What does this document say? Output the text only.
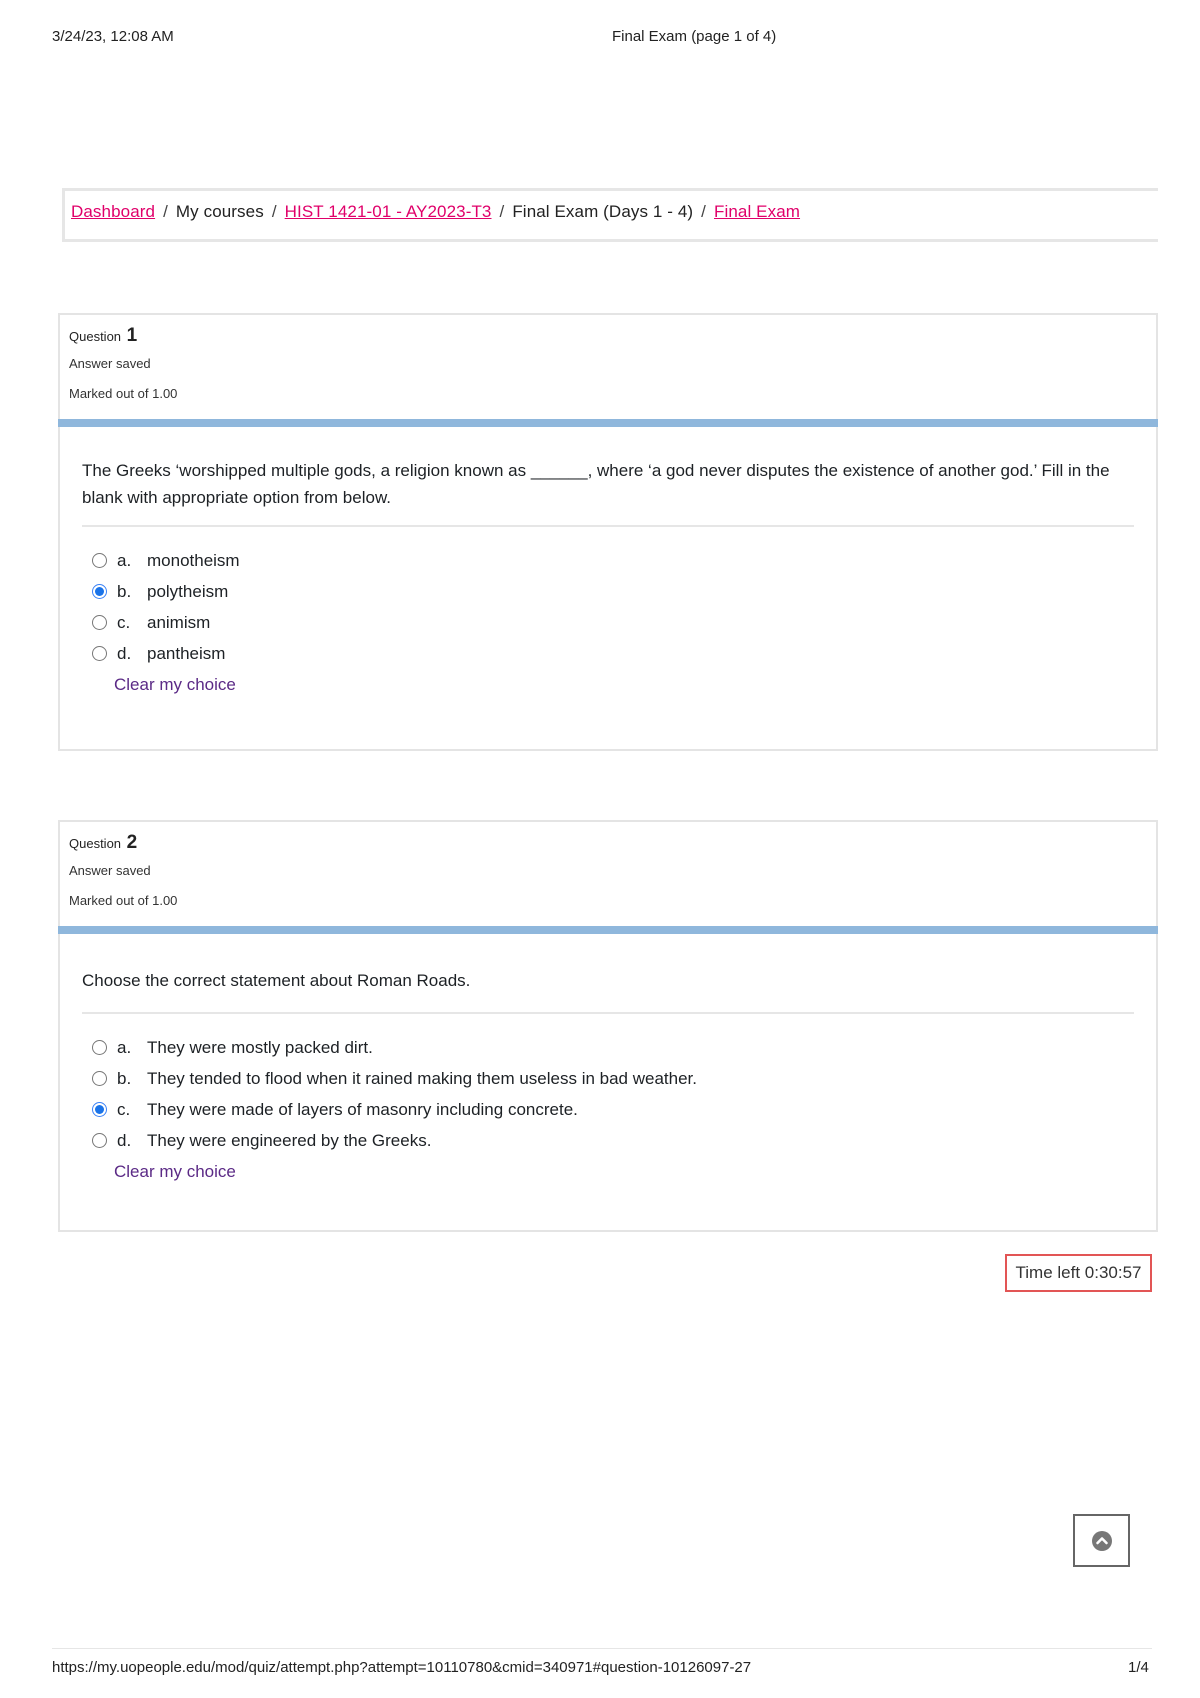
3/24/23, 12:08 AM	Final Exam (page 1 of 4)
Dashboard / My courses / HIST 1421-01 - AY2023-T3 / Final Exam (Days 1 - 4) / Final Exam
Question 1
Answer saved
Marked out of 1.00
The Greeks ‘worshipped multiple gods, a religion known as ______, where ‘a god never disputes the existence of another god.’ Fill in the blank with appropriate option from below.
a. monotheism
b. polytheism
c. animism
d. pantheism
Clear my choice
Question 2
Answer saved
Marked out of 1.00
Choose the correct statement about Roman Roads.
a. They were mostly packed dirt.
b. They tended to flood when it rained making them useless in bad weather.
c. They were made of layers of masonry including concrete.
d. They were engineered by the Greeks.
Clear my choice
Time left 0:30:57
https://my.uopeople.edu/mod/quiz/attempt.php?attempt=10110780&cmid=340971#question-10126097-27	1/4
